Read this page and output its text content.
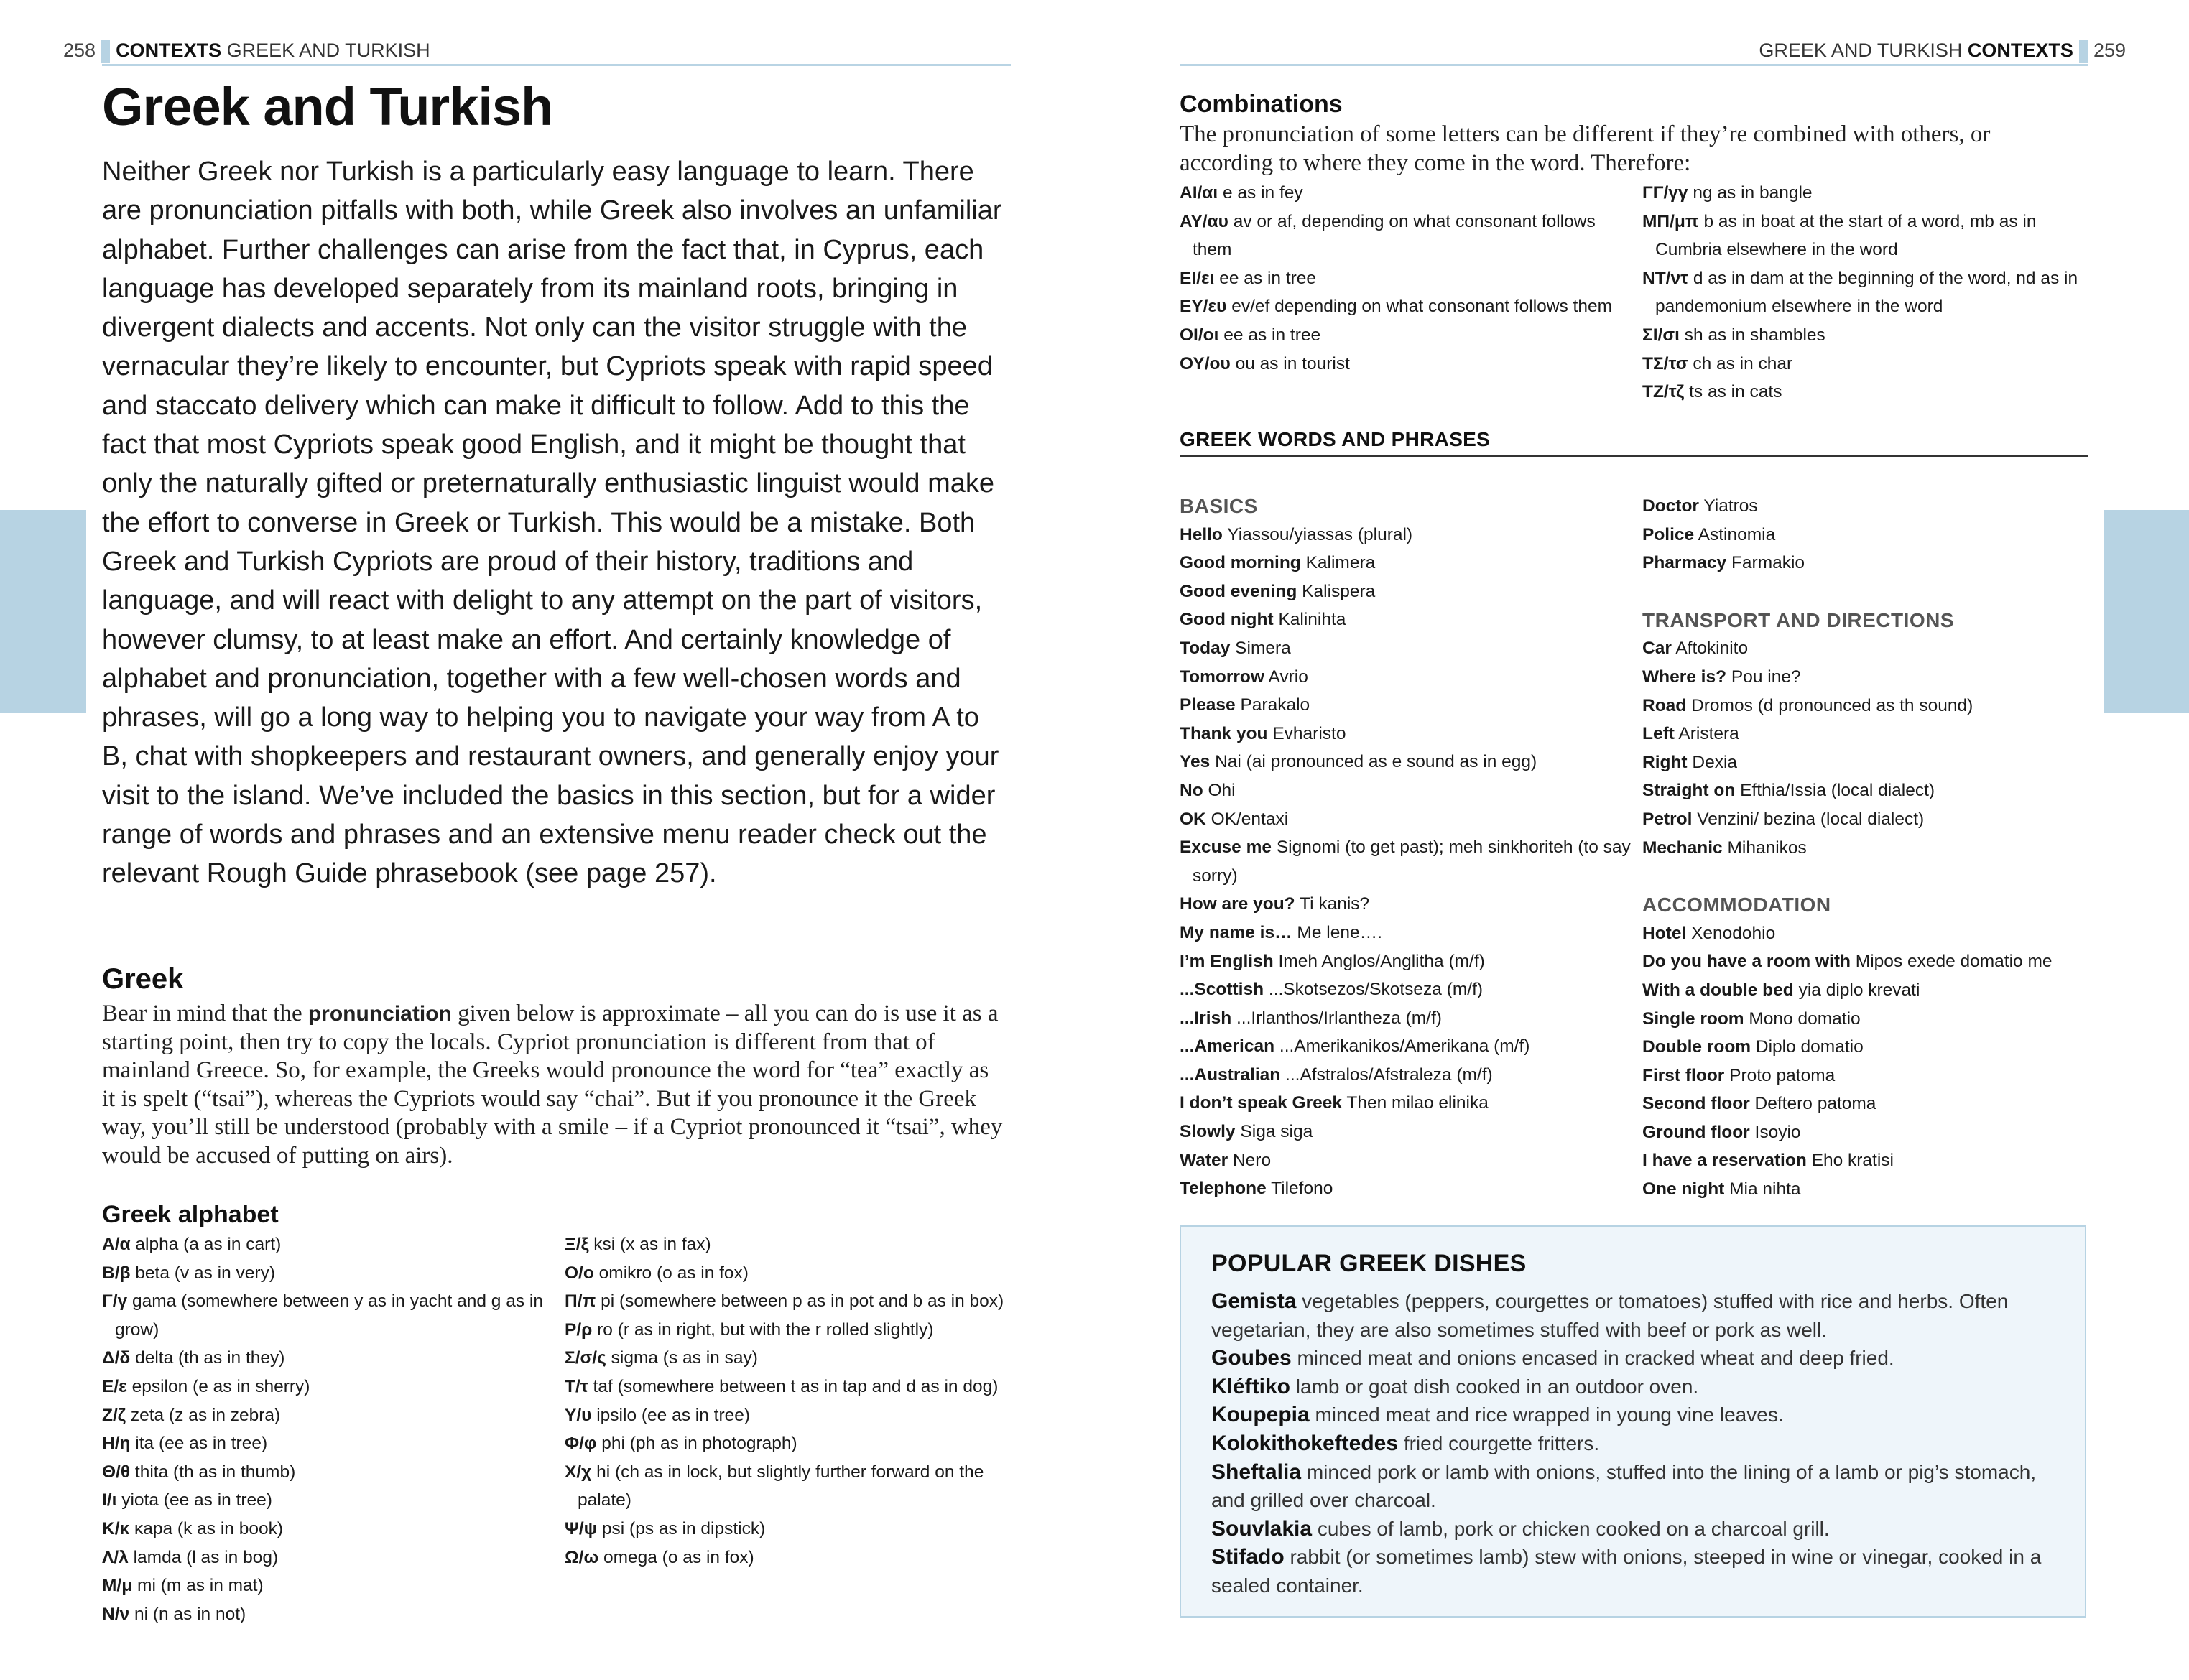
258 CONTEXTS GREEK AND TURKISH	GREEK AND TURKISH CONTEXTS 259
Greek and Turkish
Neither Greek nor Turkish is a particularly easy language to learn. There are pronunciation pitfalls with both, while Greek also involves an unfamiliar alphabet. Further challenges can arise from the fact that, in Cyprus, each language has developed separately from its mainland roots, bringing in divergent dialects and accents. Not only can the visitor struggle with the vernacular they’re likely to encounter, but Cypriots speak with rapid speed and staccato delivery which can make it difficult to follow. Add to this the fact that most Cypriots speak good English, and it might be thought that only the naturally gifted or preternaturally enthusiastic linguist would make the effort to converse in Greek or Turkish. This would be a mistake. Both Greek and Turkish Cypriots are proud of their history, traditions and language, and will react with delight to any attempt on the part of visitors, however clumsy, to at least make an effort. And certainly knowledge of alphabet and pronunciation, together with a few well-chosen words and phrases, will go a long way to helping you to navigate your way from A to B, chat with shopkeepers and restaurant owners, and generally enjoy your visit to the island. We’ve included the basics in this section, but for a wider range of words and phrases and an extensive menu reader check out the relevant Rough Guide phrasebook (see page 257).
Greek
Bear in mind that the pronunciation given below is approximate – all you can do is use it as a starting point, then try to copy the locals. Cypriot pronunciation is different from that of mainland Greece. So, for example, the Greeks would pronounce the word for “tea” exactly as it is spelt (“tsai”), whereas the Cypriots would say “chai”. But if you pronounce it the Greek way, you’ll still be understood (probably with a smile – if a Cypriot pronounced it “tsai”, whey would be accused of putting on airs).
Greek alphabet
Α/α alpha (a as in cart)
Β/β beta (v as in very)
Γ/γ gama (somewhere between y as in yacht and g as in grow)
Δ/δ delta (th as in they)
Ε/ε epsilon (e as in sherry)
Ζ/ζ zeta (z as in zebra)
Η/η ita (ee as in tree)
Θ/θ thita (th as in thumb)
Ι/ι yiota (ee as in tree)
Κ/κ κapa (k as in book)
Λ/λ lamda (l as in bog)
Μ/μ mi (m as in mat)
Ν/ν ni (n as in not)
Ξ/ξ ksi (x as in fax)
Ο/ο omikro (o as in fox)
Π/π pi (somewhere between p as in pot and b as in box)
Ρ/ρ ro (r as in right, but with the r rolled slightly)
Σ/σ/ς sigma (s as in say)
Τ/τ taf (somewhere between t as in tap and d as in dog)
Υ/υ ipsilo (ee as in tree)
Φ/φ phi (ph as in photograph)
Χ/χ hi (ch as in lock, but slightly further forward on the palate)
Ψ/ψ psi (ps as in dipstick)
Ω/ω omega (o as in fox)
Combinations
The pronunciation of some letters can be different if they’re combined with others, or according to where they come in the word. Therefore:
ΑΙ/αι e as in fey
ΑΥ/αυ av or af, depending on what consonant follows them
ΕΙ/ει ee as in tree
ΕΥ/ευ ev/ef depending on what consonant follows them
ΟΙ/οι ee as in tree
ΟΥ/ου ou as in tourist
ΓΓ/γγ ng as in bangle
ΜΠ/μπ b as in boat at the start of a word, mb as in Cumbria elsewhere in the word
ΝΤ/ντ d as in dam at the beginning of the word, nd as in pandemonium elsewhere in the word
ΣΙ/σι sh as in shambles
ΤΣ/τσ ch as in char
ΤΖ/τζ ts as in cats
GREEK WORDS AND PHRASES
BASICS
Hello Yiassou/yiassas (plural)
Good morning Kalimera
Good evening Kalispera
Good night Kalinihta
Today Simera
Tomorrow Avrio
Please Parakalo
Thank you Evharisto
Yes Nai (ai pronounced as e sound as in egg)
No Ohi
OK OK/entaxi
Excuse me Signomi (to get past); meh sinkhoriteh (to say sorry)
How are you? Ti kanis?
My name is… Me lene….
I’m English Imeh Anglos/Anglitha (m/f)
...Scottish ...Skotsezos/Skotseza (m/f)
...Irish ...Irlanthos/Irlantheza (m/f)
...American ...Amerikanikos/Amerikana (m/f)
...Australian ...Afstralos/Afstraleza (m/f)
I don’t speak Greek Then milao elinika
Slowly Siga siga
Water Nero
Telephone Tilefono
Doctor Yiatros
Police Astinomia
Pharmacy Farmakio
TRANSPORT AND DIRECTIONS
Car Aftokinito
Where is? Pou ine?
Road Dromos (d pronounced as th sound)
Left Aristera
Right Dexia
Straight on Efthia/Issia (local dialect)
Petrol Venzini/ bezina (local dialect)
Mechanic Mihanikos
ACCOMMODATION
Hotel Xenodohio
Do you have a room with Mipos exede domatio me
With a double bed yia diplo krevati
Single room Mono domatio
Double room Diplo domatio
First floor Proto patoma
Second floor Deftero patoma
Ground floor Isoyio
I have a reservation Eho kratisi
One night Mia nihta
POPULAR GREEK DISHES
Gemista vegetables (peppers, courgettes or tomatoes) stuffed with rice and herbs. Often vegetarian, they are also sometimes stuffed with beef or pork as well.
Goubes minced meat and onions encased in cracked wheat and deep fried.
Kléftiko lamb or goat dish cooked in an outdoor oven.
Koupepia minced meat and rice wrapped in young vine leaves.
Kolokithokeftedes fried courgette fritters.
Sheftalia minced pork or lamb with onions, stuffed into the lining of a lamb or pig’s stomach, and grilled over charcoal.
Souvlakia cubes of lamb, pork or chicken cooked on a charcoal grill.
Stifado rabbit (or sometimes lamb) stew with onions, steeped in wine or vinegar, cooked in a sealed container.
